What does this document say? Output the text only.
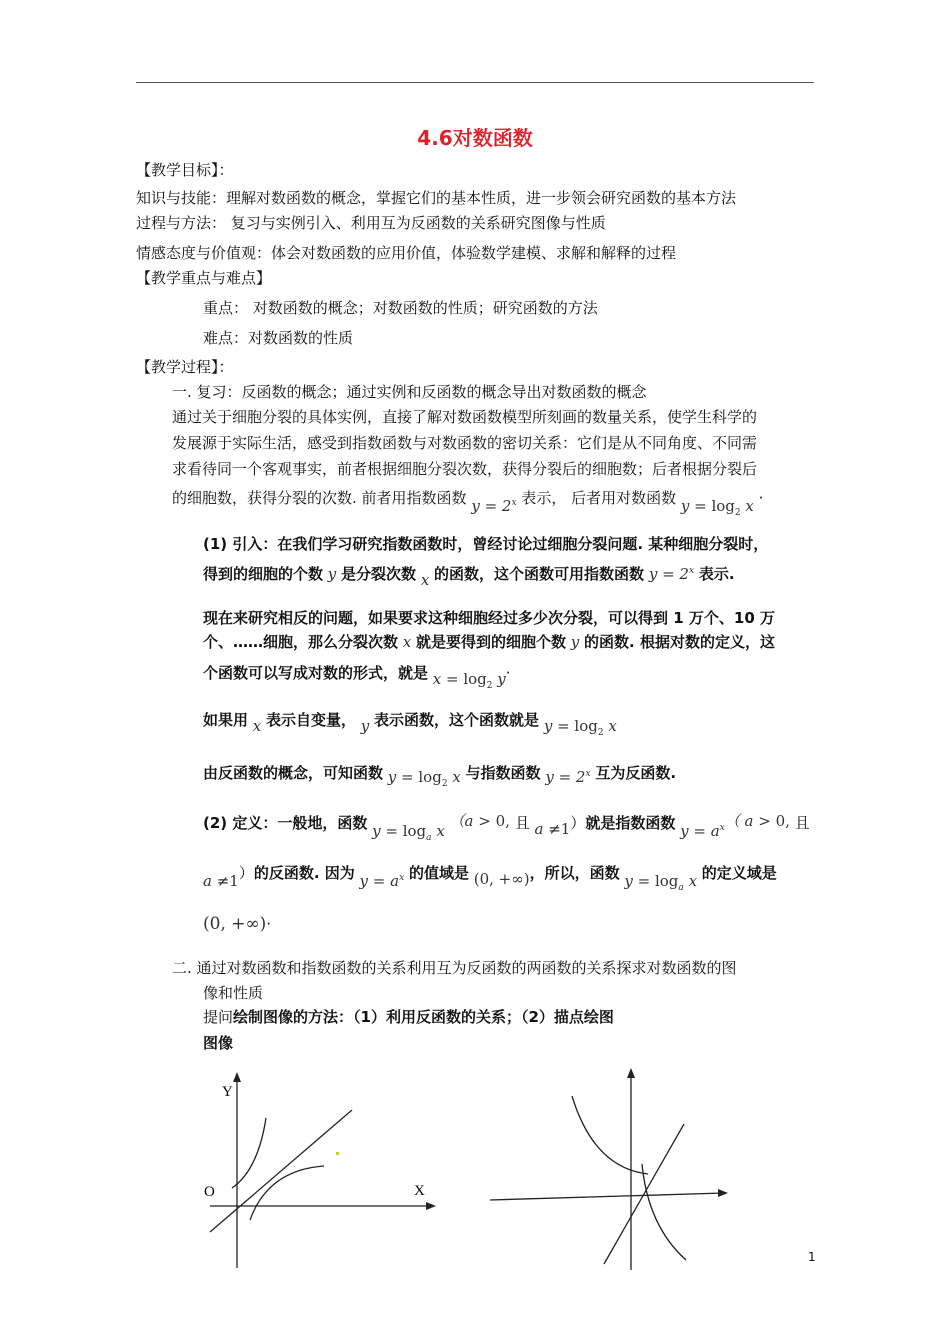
4.6对数函数
【教学目标】：
知识与技能：理解对数函数的概念，掌握它们的基本性质，进一步领会研究函数的基本方法
过程与方法： 复习与实例引入、利用互为反函数的关系研究图像与性质
情感态度与价值观：体会对数函数的应用价值，体验数学建模、求解和解释的过程
【教学重点与难点】
重点： 对数函数的概念；对数函数的性质；研究函数的方法
难点：对数函数的性质
【教学过程】：
一. 复习：反函数的概念；通过实例和反函数的概念导出对数函数的概念
通过关于细胞分裂的具体实例，直接了解对数函数模型所刻画的数量关系，使学生科学的
发展源于实际生活，感受到指数函数与对数函数的密切关系：它们是从不同角度、不同需
求看待同一个客观事实，前者根据细胞分裂次数，获得分裂后的细胞数；后者根据分裂后
的细胞数，获得分裂的次数. 前者用指数函数 $y = 2^x$ 表示， 后者用对数函数 $y = \log_2 x$ ·
(1) 引入：在我们学习研究指数函数时，曾经讨论过细胞分裂问题. 某种细胞分裂时，
得到的细胞的个数 y 是分裂次数 x 的函数，这个函数可用指数函数 $y = 2^x$ 表示.
现在来研究相反的问题，如果要求这种细胞经过多少次分裂，可以得到 1 万个、10 万
个、……细胞，那么分裂次数 x 就是要得到的细胞个数 y 的函数. 根据对数的定义，这
个函数可以写成对数的形式，就是 $x = \log_2 y\cdot$
如果用 x 表示自变量， y 表示函数，这个函数就是 $y = \log_2 x$
由反函数的概念，可知函数 $y = \log_2 x$ 与指数函数 $y = 2^x$ 互为反函数.
(2) 定义：一般地，函数 $y = \log_a x$ （a > 0, 且 a ≠1）就是指数函数 $y = a^x$（ a > 0, 且
a ≠1）的反函数. 因为 $y = a^x$ 的值域是 (0, +∞)，所以，函数 $y = \log_a x$ 的定义域是
(0, +∞)·
二. 通过对数函数和指数函数的关系利用互为反函数的两函数的关系探求对数函数的图
像和性质
提问绘制图像的方法：（1）利用反函数的关系；（2）描点绘图
图像
Y
O	X
1
